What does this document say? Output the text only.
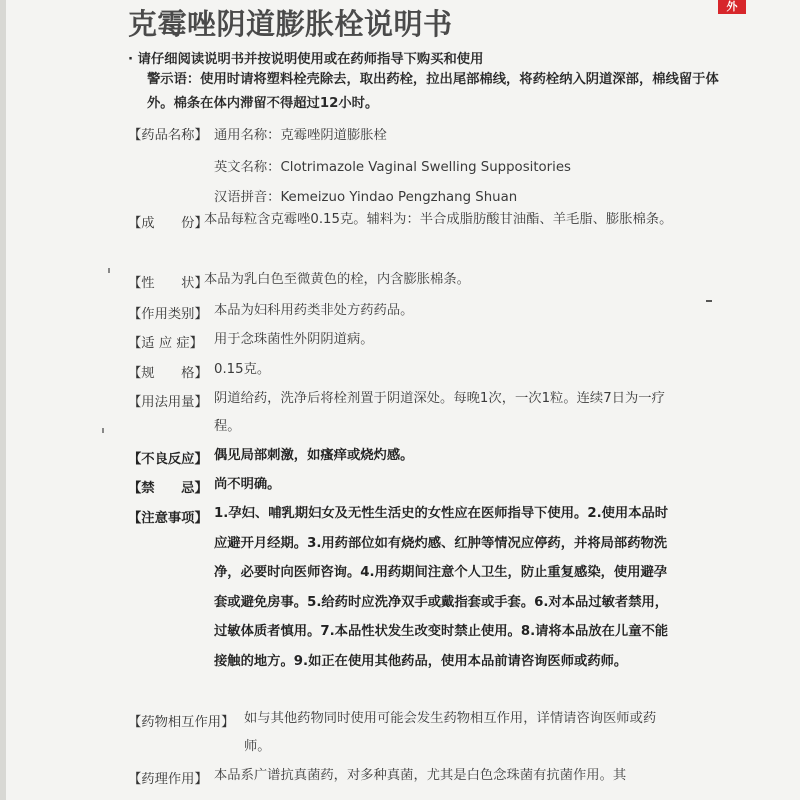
克霉唑阴道膨胀栓说明书
外
· 请仔细阅读说明书并按说明使用或在药师指导下购买和使用
警示语：使用时请将塑料栓壳除去，取出药栓，拉出尾部棉线，将药栓纳入阴道深部，棉线留于体外。棉条在体内滞留不得超过12小时。
【药品名称】 通用名称：克霉唑阴道膨胀栓
英文名称：Clotrimazole Vaginal Swelling Suppositories
汉语拼音：Kemeizuo Yindao Pengzhang Shuan
【成　　份】
本品每粒含克霉唑0.15克。辅料为：半合成脂肪酸甘油酯、羊毛脂、膨胀棉条。
【性　　状】
本品为乳白色至微黄色的栓，内含膨胀棉条。
【作用类别】 本品为妇科用药类非处方药药品。
【适 应 症】 用于念珠菌性外阴阴道病。
【规　　格】 0.15克。
【用法用量】 阴道给药，洗净后将栓剂置于阴道深处。每晚1次，一次1粒。连续7日为一疗程。
【不良反应】 偶见局部刺激，如瘙痒或烧灼感。
【禁　　忌】 尚不明确。
【注意事项】 1.孕妇、哺乳期妇女及无性生活史的女性应在医师指导下使用。2.使用本品时应避开月经期。3.用药部位如有烧灼感、红肿等情况应停药，并将局部药物洗净，必要时向医师咨询。4.用药期间注意个人卫生，防止重复感染，使用避孕套或避免房事。5.给药时应洗净双手或戴指套或手套。6.对本品过敏者禁用，过敏体质者慎用。7.本品性状发生改变时禁止使用。8.请将本品放在儿童不能接触的地方。9.如正在使用其他药品，使用本品前请咨询医师或药师。
【药物相互作用】 如与其他药物同时使用可能会发生药物相互作用，详情请咨询医师或药师。
【药理作用】 本品系广谱抗真菌药，对多种真菌，尤其是白色念珠菌有抗菌作用。其
